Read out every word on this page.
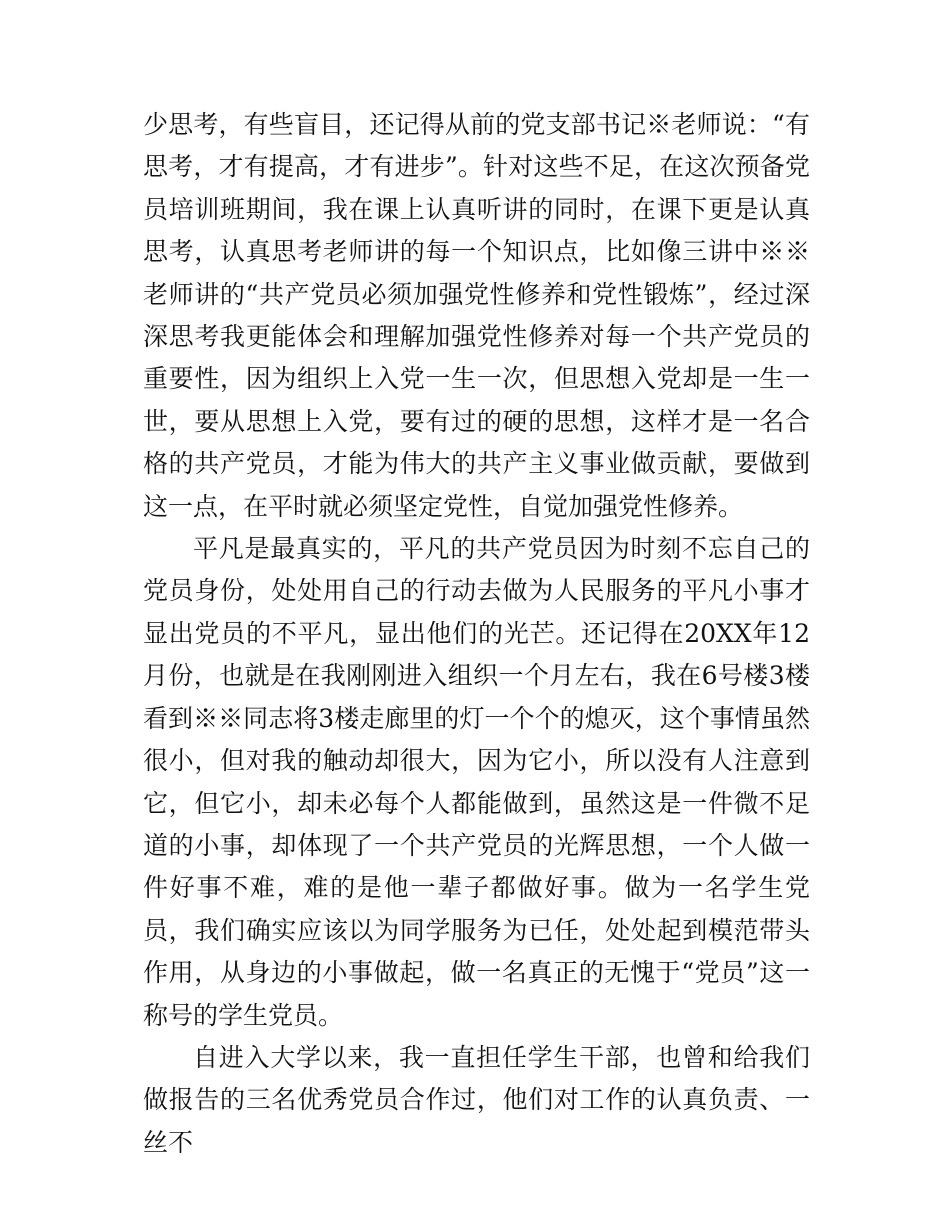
少思考，有些盲目，还记得从前的党支部书记※老师说：“有思考，才有提高，才有进步”。针对这些不足，在这次预备党员培训班期间，我在课上认真听讲的同时，在课下更是认真思考，认真思考老师讲的每一个知识点，比如像三讲中※※老师讲的“共产党员必须加强党性修养和党性锻炼”，经过深深思考我更能体会和理解加强党性修养对每一个共产党员的重要性，因为组织上入党一生一次，但思想入党却是一生一世，要从思想上入党，要有过的硬的思想，这样才是一名合格的共产党员，才能为伟大的共产主义事业做贡献，要做到这一点，在平时就必须坚定党性，自觉加强党性修养。

平凡是最真实的，平凡的共产党员因为时刻不忘自己的党员身份，处处用自己的行动去做为人民服务的平凡小事才显出党员的不平凡，显出他们的光芒。还记得在20XX年12月份，也就是在我刚刚进入组织一个月左右，我在6号楼3楼看到※※同志将3楼走廊里的灯一个个的熄灭，这个事情虽然很小，但对我的触动却很大，因为它小，所以没有人注意到它，但它小，却未必每个人都能做到，虽然这是一件微不足道的小事，却体现了一个共产党员的光辉思想，一个人做一件好事不难，难的是他一辈子都做好事。做为一名学生党员，我们确实应该以为同学服务为已任，处处起到模范带头作用，从身边的小事做起，做一名真正的无愧于“党员”这一称号的学生党员。

自进入大学以来，我一直担任学生干部，也曾和给我们做报告的三名优秀党员合作过，他们对工作的认真负责、一丝不
